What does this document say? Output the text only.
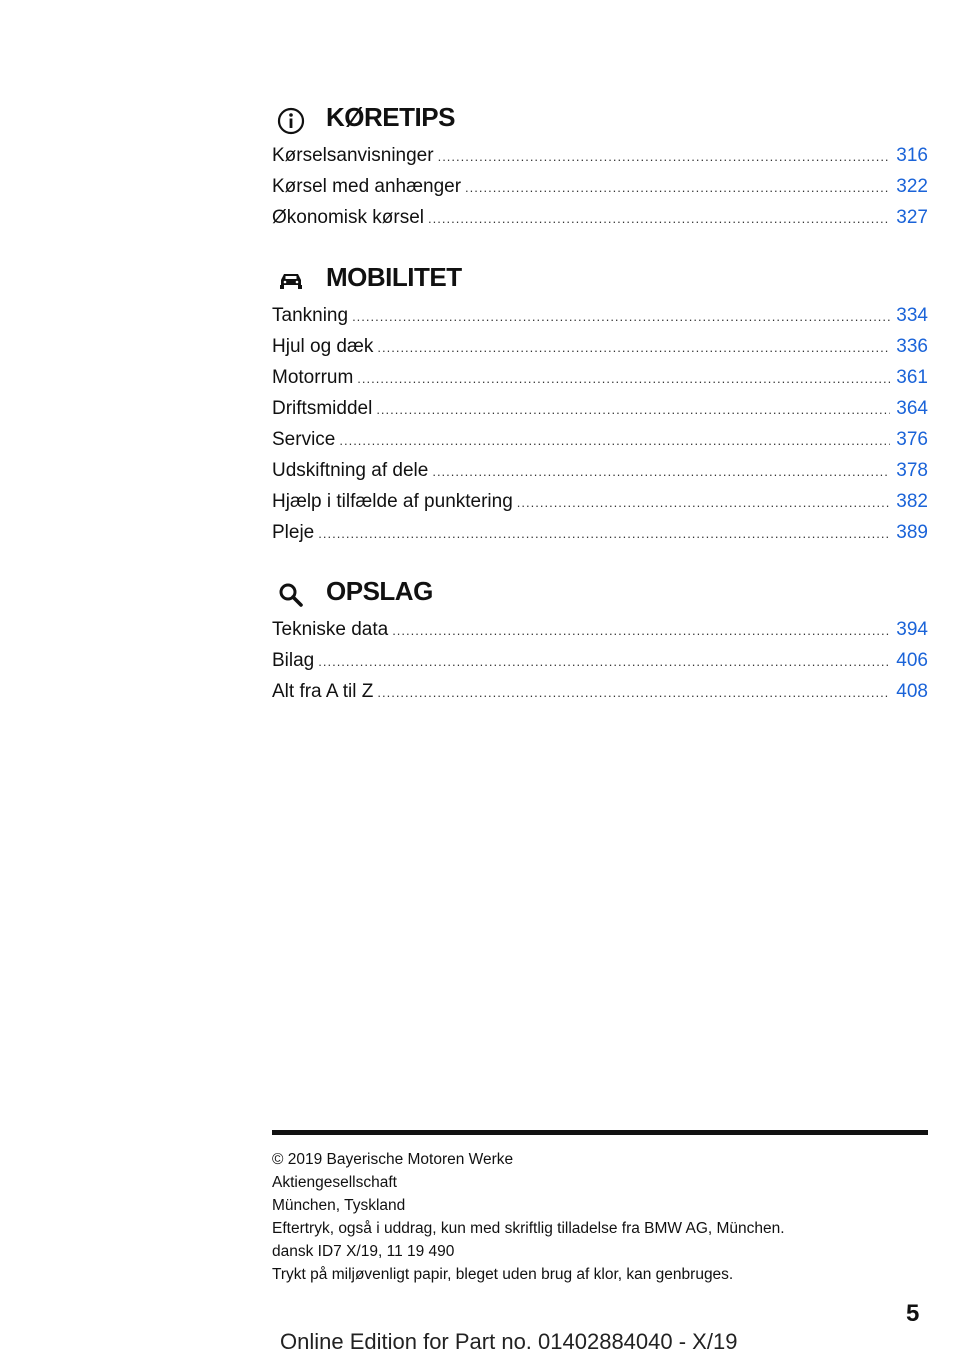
KØRETIPS
Kørselsanvisninger .....	316
Kørsel med anhænger .....	322
Økonomisk kørsel .....	327
MOBILITET
Tankning .....	334
Hjul og dæk .....	336
Motorrum .....	361
Driftsmiddel .....	364
Service .....	376
Udskiftning af dele .....	378
Hjælp i tilfælde af punktering .....	382
Pleje .....	389
OPSLAG
Tekniske data .....	394
Bilag .....	406
Alt fra A til Z .....	408
© 2019 Bayerische Motoren Werke
Aktiengesellschaft
München, Tyskland
Eftertryk, også i uddrag, kun med skriftlig tilladelse fra BMW AG, München.
dansk ID7 X/19, 11 19 490
Trykt på miljøvenligt papir, bleget uden brug af klor, kan genbruges.
5
Online Edition for Part no. 01402884040 - X/19
